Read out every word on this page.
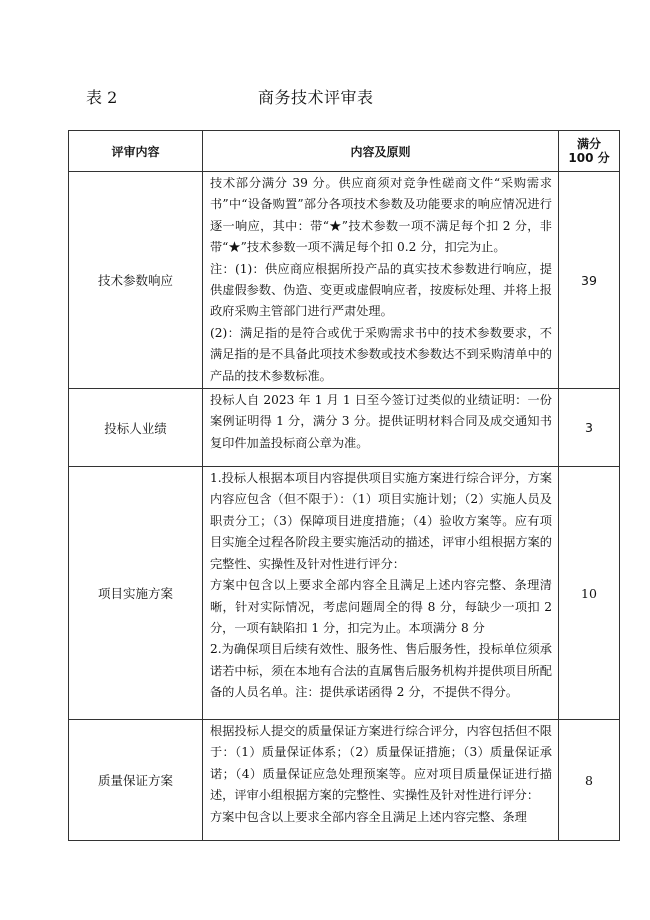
表 2	商务技术评审表
评审内容	内容及原则	满分 100 分
技术参数响应	技术部分满分 39 分。供应商须对竞争性磋商文件“采购需求书”中“设备购置”部分各项技术参数及功能要求的响应情况进行逐一响应，其中：带“★”技术参数一项不满足每个扣 2 分，非带“★”技术参数一项不满足每个扣 0.2 分，扣完为止。

注：(1)：供应商应根据所投产品的真实技术参数进行响应，提供虚假参数、伪造、变更或虚假响应者，按废标处理、并将上报政府采购主管部门进行严肃处理。

(2)：满足指的是符合或优于采购需求书中的技术参数要求，不满足指的是不具备此项技术参数或技术参数达不到采购清单中的产品的技术参数标准。	39
投标人业绩	投标人自 2023 年 1 月 1 日至今签订过类似的业绩证明：一份案例证明得 1 分，满分 3 分。提供证明材料合同及成交通知书复印件加盖投标商公章为准。	3
项目实施方案	1.投标人根据本项目内容提供项目实施方案进行综合评分，方案内容应包含（但不限于）：（1）项目实施计划；（2）实施人员及职责分工；（3）保障项目进度措施；（4）验收方案等。应有项目实施全过程各阶段主要实施活动的描述，评审小组根据方案的完整性、实操性及针对性进行评分：

方案中包含以上要求全部内容全且满足上述内容完整、条理清晰，针对实际情况，考虑问题周全的得 8 分，每缺少一项扣 2 分，一项有缺陷扣 1 分，扣完为止。本项满分 8 分

2.为确保项目后续有效性、服务性、售后服务性，投标单位须承诺若中标，须在本地有合法的直属售后服务机构并提供项目所配备的人员名单。注：提供承诺函得 2 分，不提供不得分。	10
质量保证方案	根据投标人提交的质量保证方案进行综合评分，内容包括但不限于：（1）质量保证体系；（2）质量保证措施；（3）质量保证承诺；（4）质量保证应急处理预案等。应对项目质量保证进行描述，评审小组根据方案的完整性、实操性及针对性进行评分：

方案中包含以上要求全部内容全且满足上述内容完整、条理	8
